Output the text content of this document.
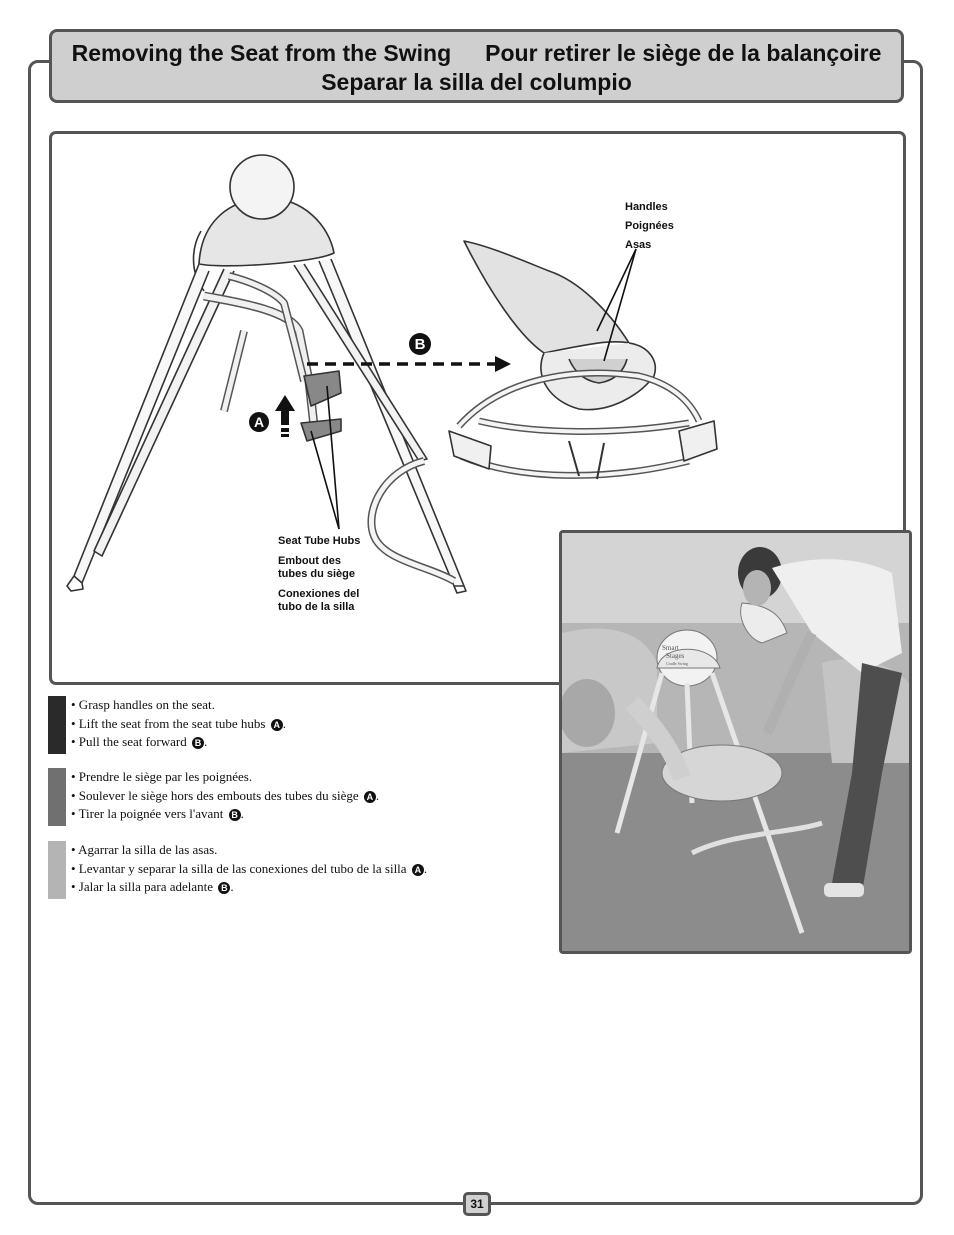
Removing the Seat from the Swing Pour retirer le siège de la balançoire
Separar la silla del columpio
A
B
Handles
Poignées
Asas
Seat Tube Hubs
Embout des
tubes du siège
Conexiones del
tubo de la silla
Smart
Stages
Cradle Swing
• Grasp handles on the seat.
• Lift the seat from the seat tube hubs A .
• Pull the seat forward B .
• Prendre le siège par les poignées.
• Soulever le siège hors des embouts des tubes du siège A .
• Tirer la poignée vers l'avant B .
• Agarrar la silla de las asas.
• Levantar y separar la silla de las conexiones del tubo de la silla A .
• Jalar la silla para adelante B .
31
